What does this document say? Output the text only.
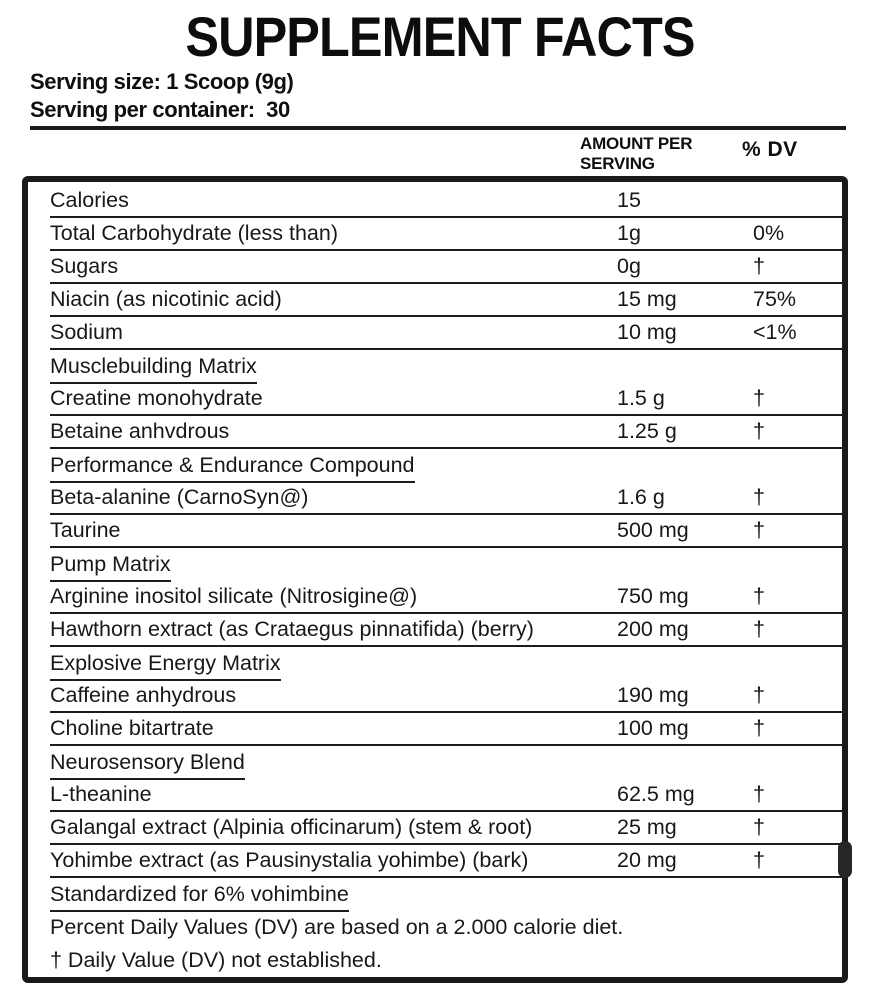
SUPPLEMENT FACTS
Serving size: 1 Scoop (9g)
Serving per container:  30
AMOUNT PER
SERVING
% DV
Calories	15
Total Carbohydrate (less than)	1g	0%
Sugars	0g	†
Niacin (as nicotinic acid)	15 mg	75%
Sodium	10 mg	<1%
Musclebuilding Matrix
Creatine monohydrate	1.5 g	†
Betaine anhvdrous	1.25 g	†
Performance & Endurance Compound
Beta-alanine (CarnoSyn@)	1.6 g	†
Taurine	500 mg	†
Pump Matrix
Arginine inositol silicate (Nitrosigine@)	750 mg	†
Hawthorn extract (as Crataegus pinnatifida) (berry)	200 mg	†
Explosive Energy Matrix
Caffeine anhydrous	190 mg	†
Choline bitartrate	100 mg	†
Neurosensory Blend
L-theanine	62.5 mg	†
Galangal extract (Alpinia officinarum) (stem & root)	25 mg	†
Yohimbe extract (as Pausinystalia yohimbe) (bark)	20 mg	†
Standardized for 6% vohimbine
Percent Daily Values (DV) are based on a 2.000 calorie diet.
† Daily Value (DV) not established.
